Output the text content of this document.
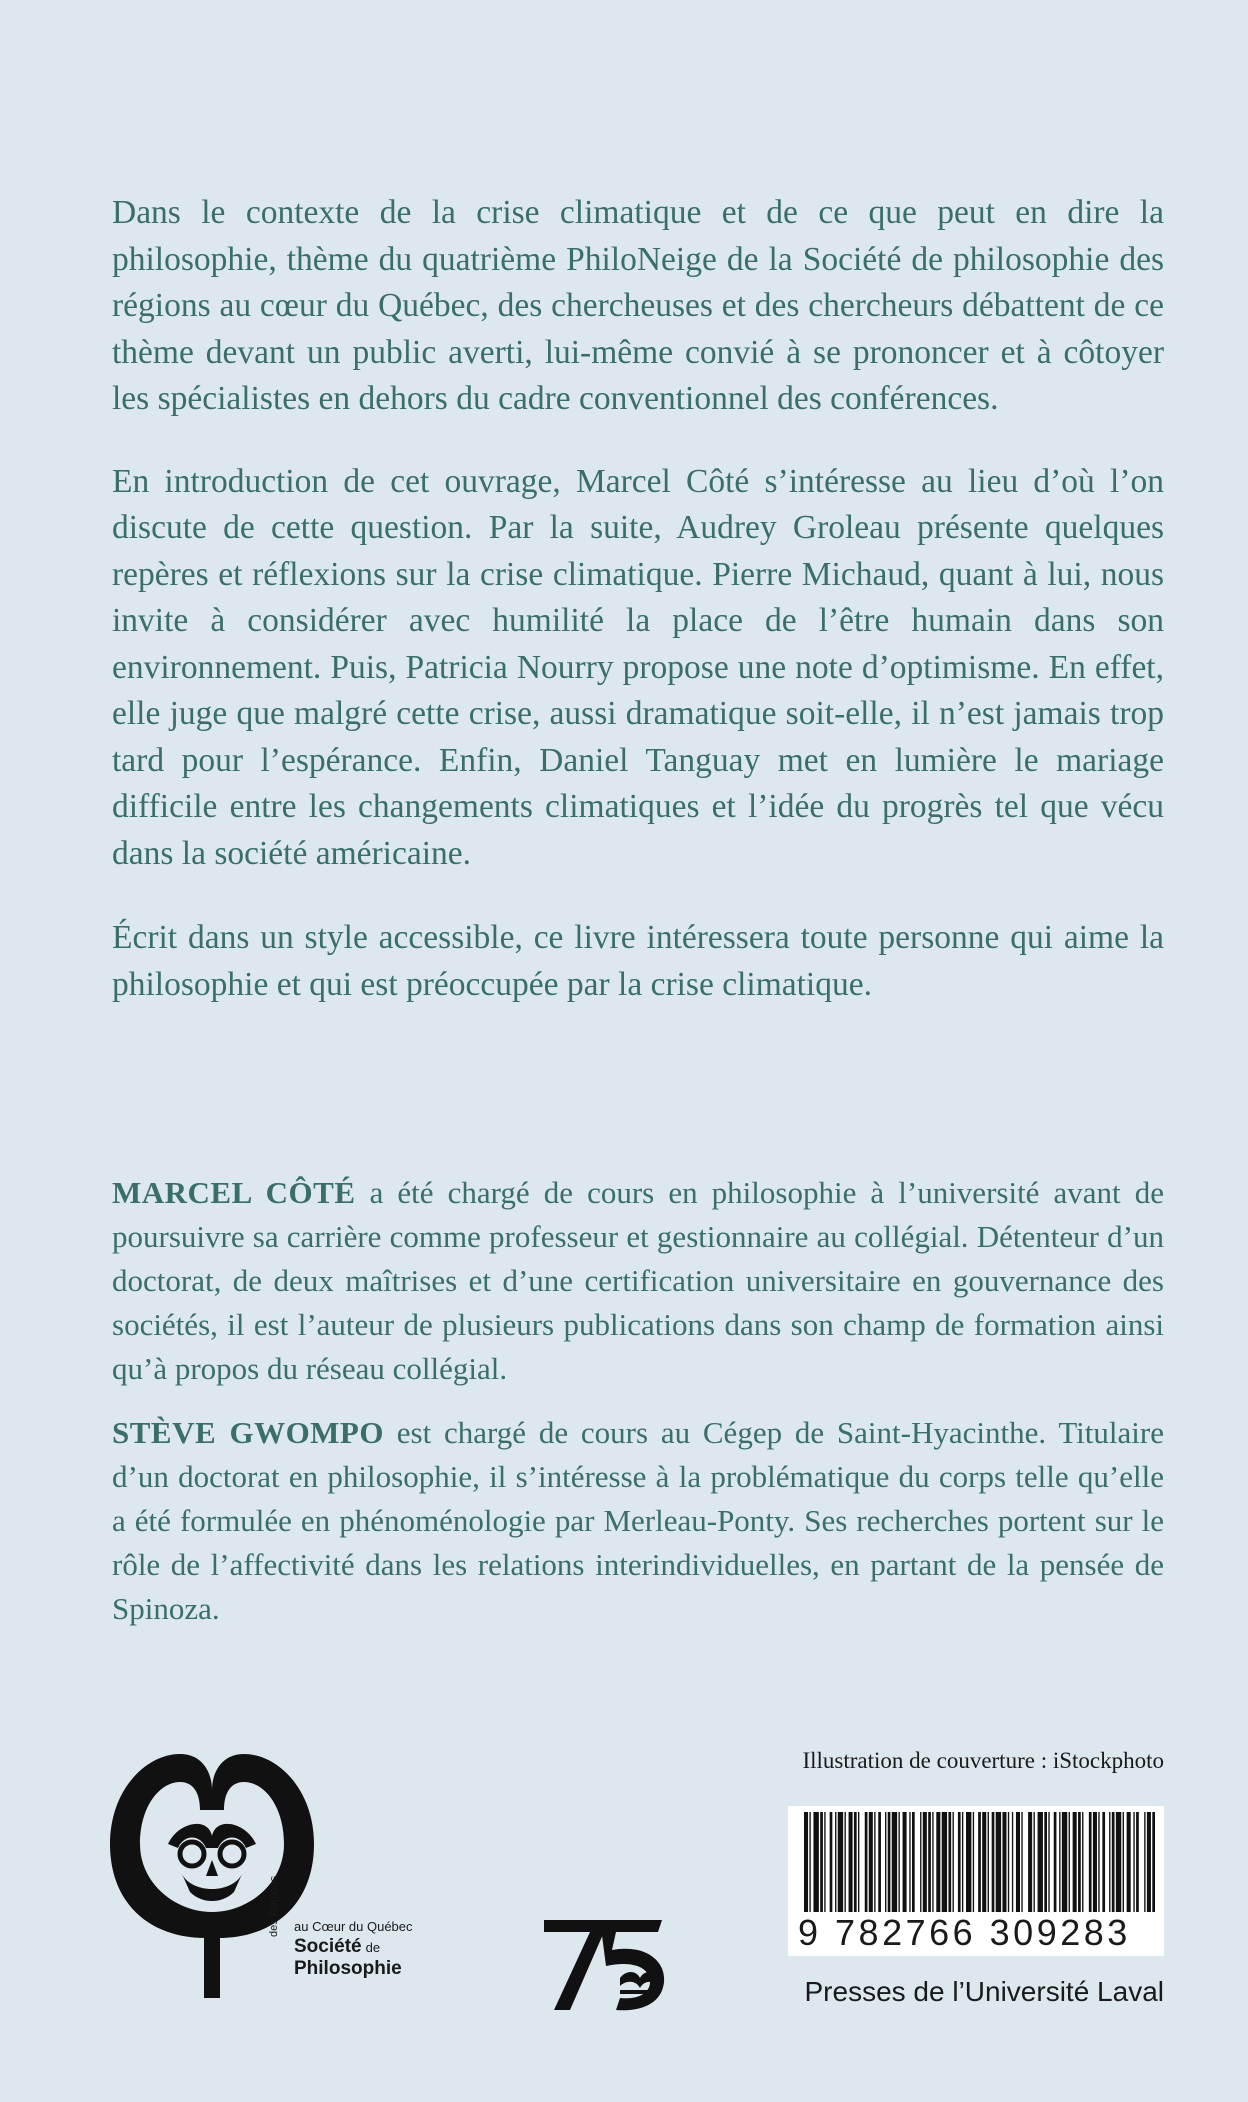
Dans le contexte de la crise climatique et de ce que peut en dire la philosophie, thème du quatrième PhiloNeige de la Société de philosophie des régions au cœur du Québec, des chercheuses et des chercheurs débattent de ce thème devant un public averti, lui-même convié à se prononcer et à côtoyer les spécialistes en dehors du cadre conventionnel des conférences.

En introduction de cet ouvrage, Marcel Côté s’intéresse au lieu d’où l’on discute de cette question. Par la suite, Audrey Groleau présente quelques repères et réflexions sur la crise climatique. Pierre Michaud, quant à lui, nous invite à considérer avec humilité la place de l’être humain dans son environnement. Puis, Patricia Nourry propose une note d’optimisme. En effet, elle juge que malgré cette crise, aussi dramatique soit-elle, il n’est jamais trop tard pour l’espérance. Enfin, Daniel Tanguay met en lumière le mariage difficile entre les changements climatiques et l’idée du progrès tel que vécu dans la société américaine.

Écrit dans un style accessible, ce livre intéressera toute personne qui aime la philosophie et qui est préoccupée par la crise climatique.

MARCEL CÔTÉ a été chargé de cours en philosophie à l’université avant de poursuivre sa carrière comme professeur et gestionnaire au collégial. Détenteur d’un doctorat, de deux maîtrises et d’une certification universitaire en gouvernance des sociétés, il est l’auteur de plusieurs publications dans son champ de formation ainsi qu’à propos du réseau collégial.

STÈVE GWOMPO est chargé de cours au Cégep de Saint-Hyacinthe. Titulaire d’un doctorat en philosophie, il s’intéresse à la problématique du corps telle qu’elle a été formulée en phénoménologie par Merleau-Ponty. Ses recherches portent sur le rôle de l’affectivité dans les relations interindividuelles, en partant de la pensée de Spinoza.

des Régions au Cœur du Québec
Société de
Philosophie
Illustration de couverture : iStockphoto
9 782766 309283
Presses de l’Université Laval
